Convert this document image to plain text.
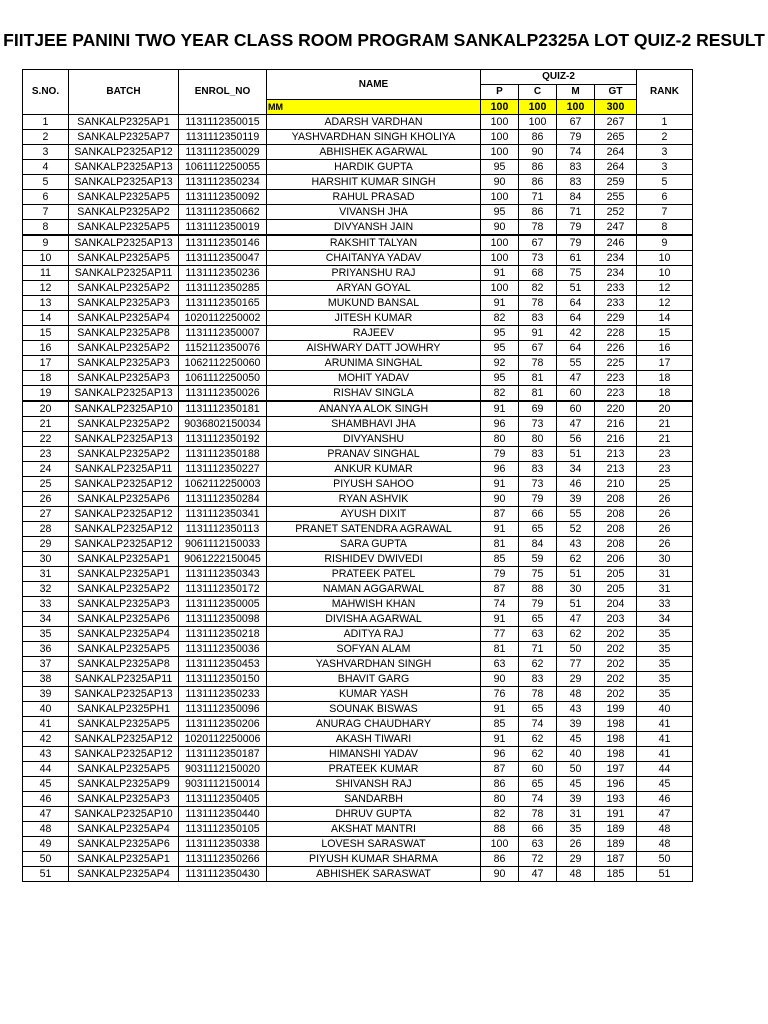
FIITJEE PANINI TWO YEAR CLASS ROOM PROGRAM SANKALP2325A LOT QUIZ-2 RESULT
S.NO.	BATCH	ENROL_NO	NAME	QUIZ-2				RANK
				P	C	M	GT	
			MM	100	100	100	300	
1	SANKALP2325AP1	1131112350015	ADARSH VARDHAN	100	100	67	267	1
2	SANKALP2325AP7	1131112350119	YASHVARDHAN SINGH KHOLIYA	100	86	79	265	2
3	SANKALP2325AP12	1131112350029	ABHISHEK AGARWAL	100	90	74	264	3
4	SANKALP2325AP13	1061112250055	HARDIK GUPTA	95	86	83	264	3
5	SANKALP2325AP13	1131112350234	HARSHIT KUMAR SINGH	90	86	83	259	5
6	SANKALP2325AP5	1131112350092	RAHUL PRASAD	100	71	84	255	6
7	SANKALP2325AP2	1131112350662	VIVANSH JHA	95	86	71	252	7
8	SANKALP2325AP5	1131112350019	DIVYANSH JAIN	90	78	79	247	8
9	SANKALP2325AP13	1131112350146	RAKSHIT TALYAN	100	67	79	246	9
10	SANKALP2325AP5	1131112350047	CHAITANYA YADAV	100	73	61	234	10
11	SANKALP2325AP11	1131112350236	PRIYANSHU RAJ	91	68	75	234	10
12	SANKALP2325AP2	1131112350285	ARYAN GOYAL	100	82	51	233	12
13	SANKALP2325AP3	1131112350165	MUKUND BANSAL	91	78	64	233	12
14	SANKALP2325AP4	1020112250002	JITESH KUMAR	82	83	64	229	14
15	SANKALP2325AP8	1131112350007	RAJEEV	95	91	42	228	15
16	SANKALP2325AP2	1152112350076	AISHWARY DATT JOWHRY	95	67	64	226	16
17	SANKALP2325AP3	1062112250060	ARUNIMA SINGHAL	92	78	55	225	17
18	SANKALP2325AP3	1061112250050	MOHIT YADAV	95	81	47	223	18
19	SANKALP2325AP13	1131112350026	RISHAV SINGLA	82	81	60	223	18
20	SANKALP2325AP10	1131112350181	ANANYA ALOK SINGH	91	69	60	220	20
21	SANKALP2325AP2	9036802150034	SHAMBHAVI JHA	96	73	47	216	21
22	SANKALP2325AP13	1131112350192	DIVYANSHU	80	80	56	216	21
23	SANKALP2325AP2	1131112350188	PRANAV SINGHAL	79	83	51	213	23
24	SANKALP2325AP11	1131112350227	ANKUR KUMAR	96	83	34	213	23
25	SANKALP2325AP12	1062112250003	PIYUSH SAHOO	91	73	46	210	25
26	SANKALP2325AP6	1131112350284	RYAN ASHVIK	90	79	39	208	26
27	SANKALP2325AP12	1131112350341	AYUSH DIXIT	87	66	55	208	26
28	SANKALP2325AP12	1131112350113	PRANET SATENDRA AGRAWAL	91	65	52	208	26
29	SANKALP2325AP12	9061112150033	SARA GUPTA	81	84	43	208	26
30	SANKALP2325AP1	9061222150045	RISHIDEV DWIVEDI	85	59	62	206	30
31	SANKALP2325AP1	1131112350343	PRATEEK PATEL	79	75	51	205	31
32	SANKALP2325AP2	1131112350172	NAMAN AGGARWAL	87	88	30	205	31
33	SANKALP2325AP3	1131112350005	MAHWISH KHAN	74	79	51	204	33
34	SANKALP2325AP6	1131112350098	DIVISHA AGARWAL	91	65	47	203	34
35	SANKALP2325AP4	1131112350218	ADITYA RAJ	77	63	62	202	35
36	SANKALP2325AP5	1131112350036	SOFYAN ALAM	81	71	50	202	35
37	SANKALP2325AP8	1131112350453	YASHVARDHAN SINGH	63	62	77	202	35
38	SANKALP2325AP11	1131112350150	BHAVIT GARG	90	83	29	202	35
39	SANKALP2325AP13	1131112350233	KUMAR YASH	76	78	48	202	35
40	SANKALP2325PH1	1131112350096	SOUNAK BISWAS	91	65	43	199	40
41	SANKALP2325AP5	1131112350206	ANURAG CHAUDHARY	85	74	39	198	41
42	SANKALP2325AP12	1020112250006	AKASH TIWARI	91	62	45	198	41
43	SANKALP2325AP12	1131112350187	HIMANSHI YADAV	96	62	40	198	41
44	SANKALP2325AP5	9031112150020	PRATEEK KUMAR	87	60	50	197	44
45	SANKALP2325AP9	9031112150014	SHIVANSH RAJ	86	65	45	196	45
46	SANKALP2325AP3	1131112350405	SANDARBH	80	74	39	193	46
47	SANKALP2325AP10	1131112350440	DHRUV GUPTA	82	78	31	191	47
48	SANKALP2325AP4	1131112350105	AKSHAT MANTRI	88	66	35	189	48
49	SANKALP2325AP6	1131112350338	LOVESH SARASWAT	100	63	26	189	48
50	SANKALP2325AP1	1131112350266	PIYUSH KUMAR SHARMA	86	72	29	187	50
51	SANKALP2325AP4	1131112350430	ABHISHEK SARASWAT	90	47	48	185	51
